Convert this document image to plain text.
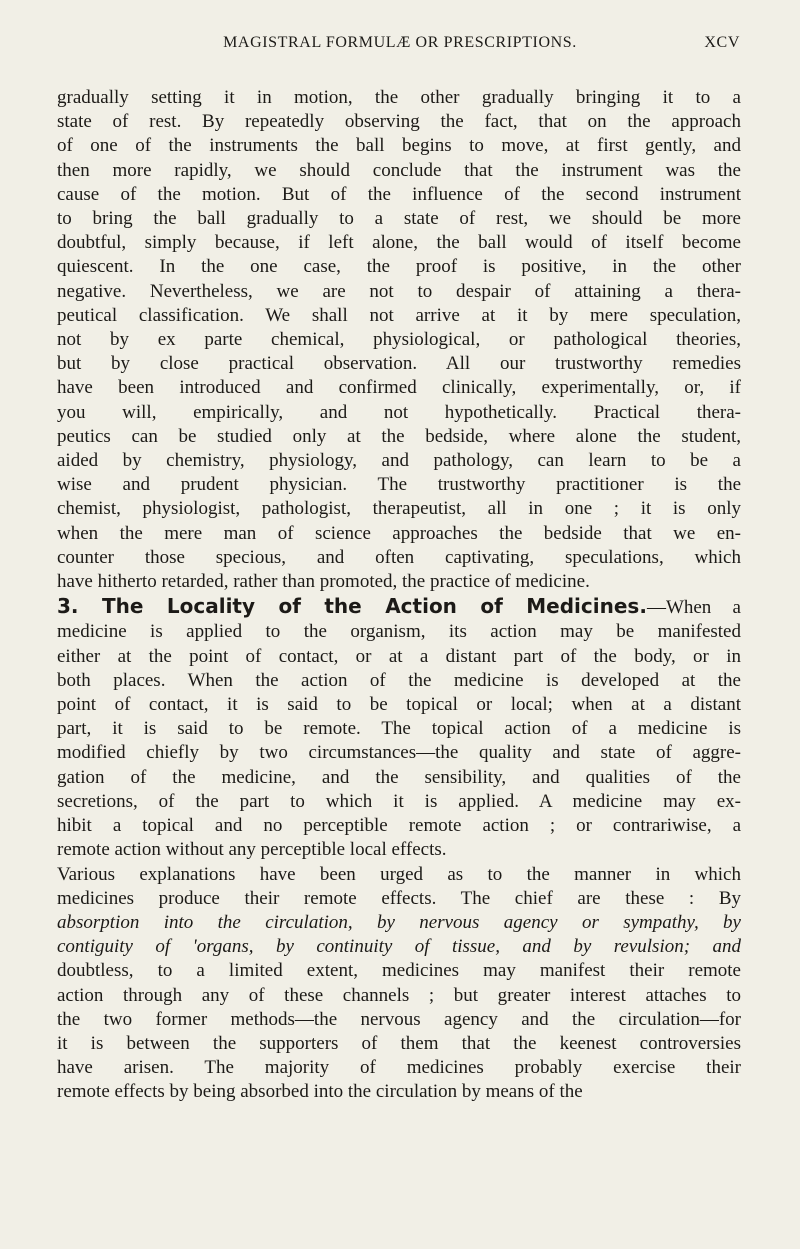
MAGISTRAL FORMULÆ OR PRESCRIPTIONS.	XCV
gradually setting it in motion, the other gradually bringing it to a
state of rest. By repeatedly observing the fact, that on the approach
of one of the instruments the ball begins to move, at first gently, and
then more rapidly, we should conclude that the instrument was the
cause of the motion. But of the influence of the second instrument
to bring the ball gradually to a state of rest, we should be more
doubtful, simply because, if left alone, the ball would of itself become
quiescent. In the one case, the proof is positive, in the other
negative. Nevertheless, we are not to despair of attaining a thera-
peutical classification. We shall not arrive at it by mere speculation,
not by ex parte chemical, physiological, or pathological theories,
but by close practical observation. All our trustworthy remedies
have been introduced and confirmed clinically, experimentally, or, if
you will, empirically, and not hypothetically. Practical thera-
peutics can be studied only at the bedside, where alone the student,
aided by chemistry, physiology, and pathology, can learn to be a
wise and prudent physician. The trustworthy practitioner is the
chemist, physiologist, pathologist, therapeutist, all in one ; it is only
when the mere man of science approaches the bedside that we en-
counter those specious, and often captivating, speculations, which
have hitherto retarded, rather than promoted, the practice of medicine.
3. The Locality of the Action of Medicines.—When a
medicine is applied to the organism, its action may be manifested
either at the point of contact, or at a distant part of the body, or in
both places. When the action of the medicine is developed at the
point of contact, it is said to be topical or local; when at a distant
part, it is said to be remote. The topical action of a medicine is
modified chiefly by two circumstances—the quality and state of aggre-
gation of the medicine, and the sensibility, and qualities of the
secretions, of the part to which it is applied. A medicine may ex-
hibit a topical and no perceptible remote action ; or contrariwise, a
remote action without any perceptible local effects.
Various explanations have been urged as to the manner in which
medicines produce their remote effects. The chief are these : By
absorption into the circulation, by nervous agency or sympathy, by
contiguity of 'organs, by continuity of tissue, and by revulsion; and
doubtless, to a limited extent, medicines may manifest their remote
action through any of these channels ; but greater interest attaches to
the two former methods—the nervous agency and the circulation—for
it is between the supporters of them that the keenest controversies
have arisen. The majority of medicines probably exercise their
remote effects by being absorbed into the circulation by means of the
